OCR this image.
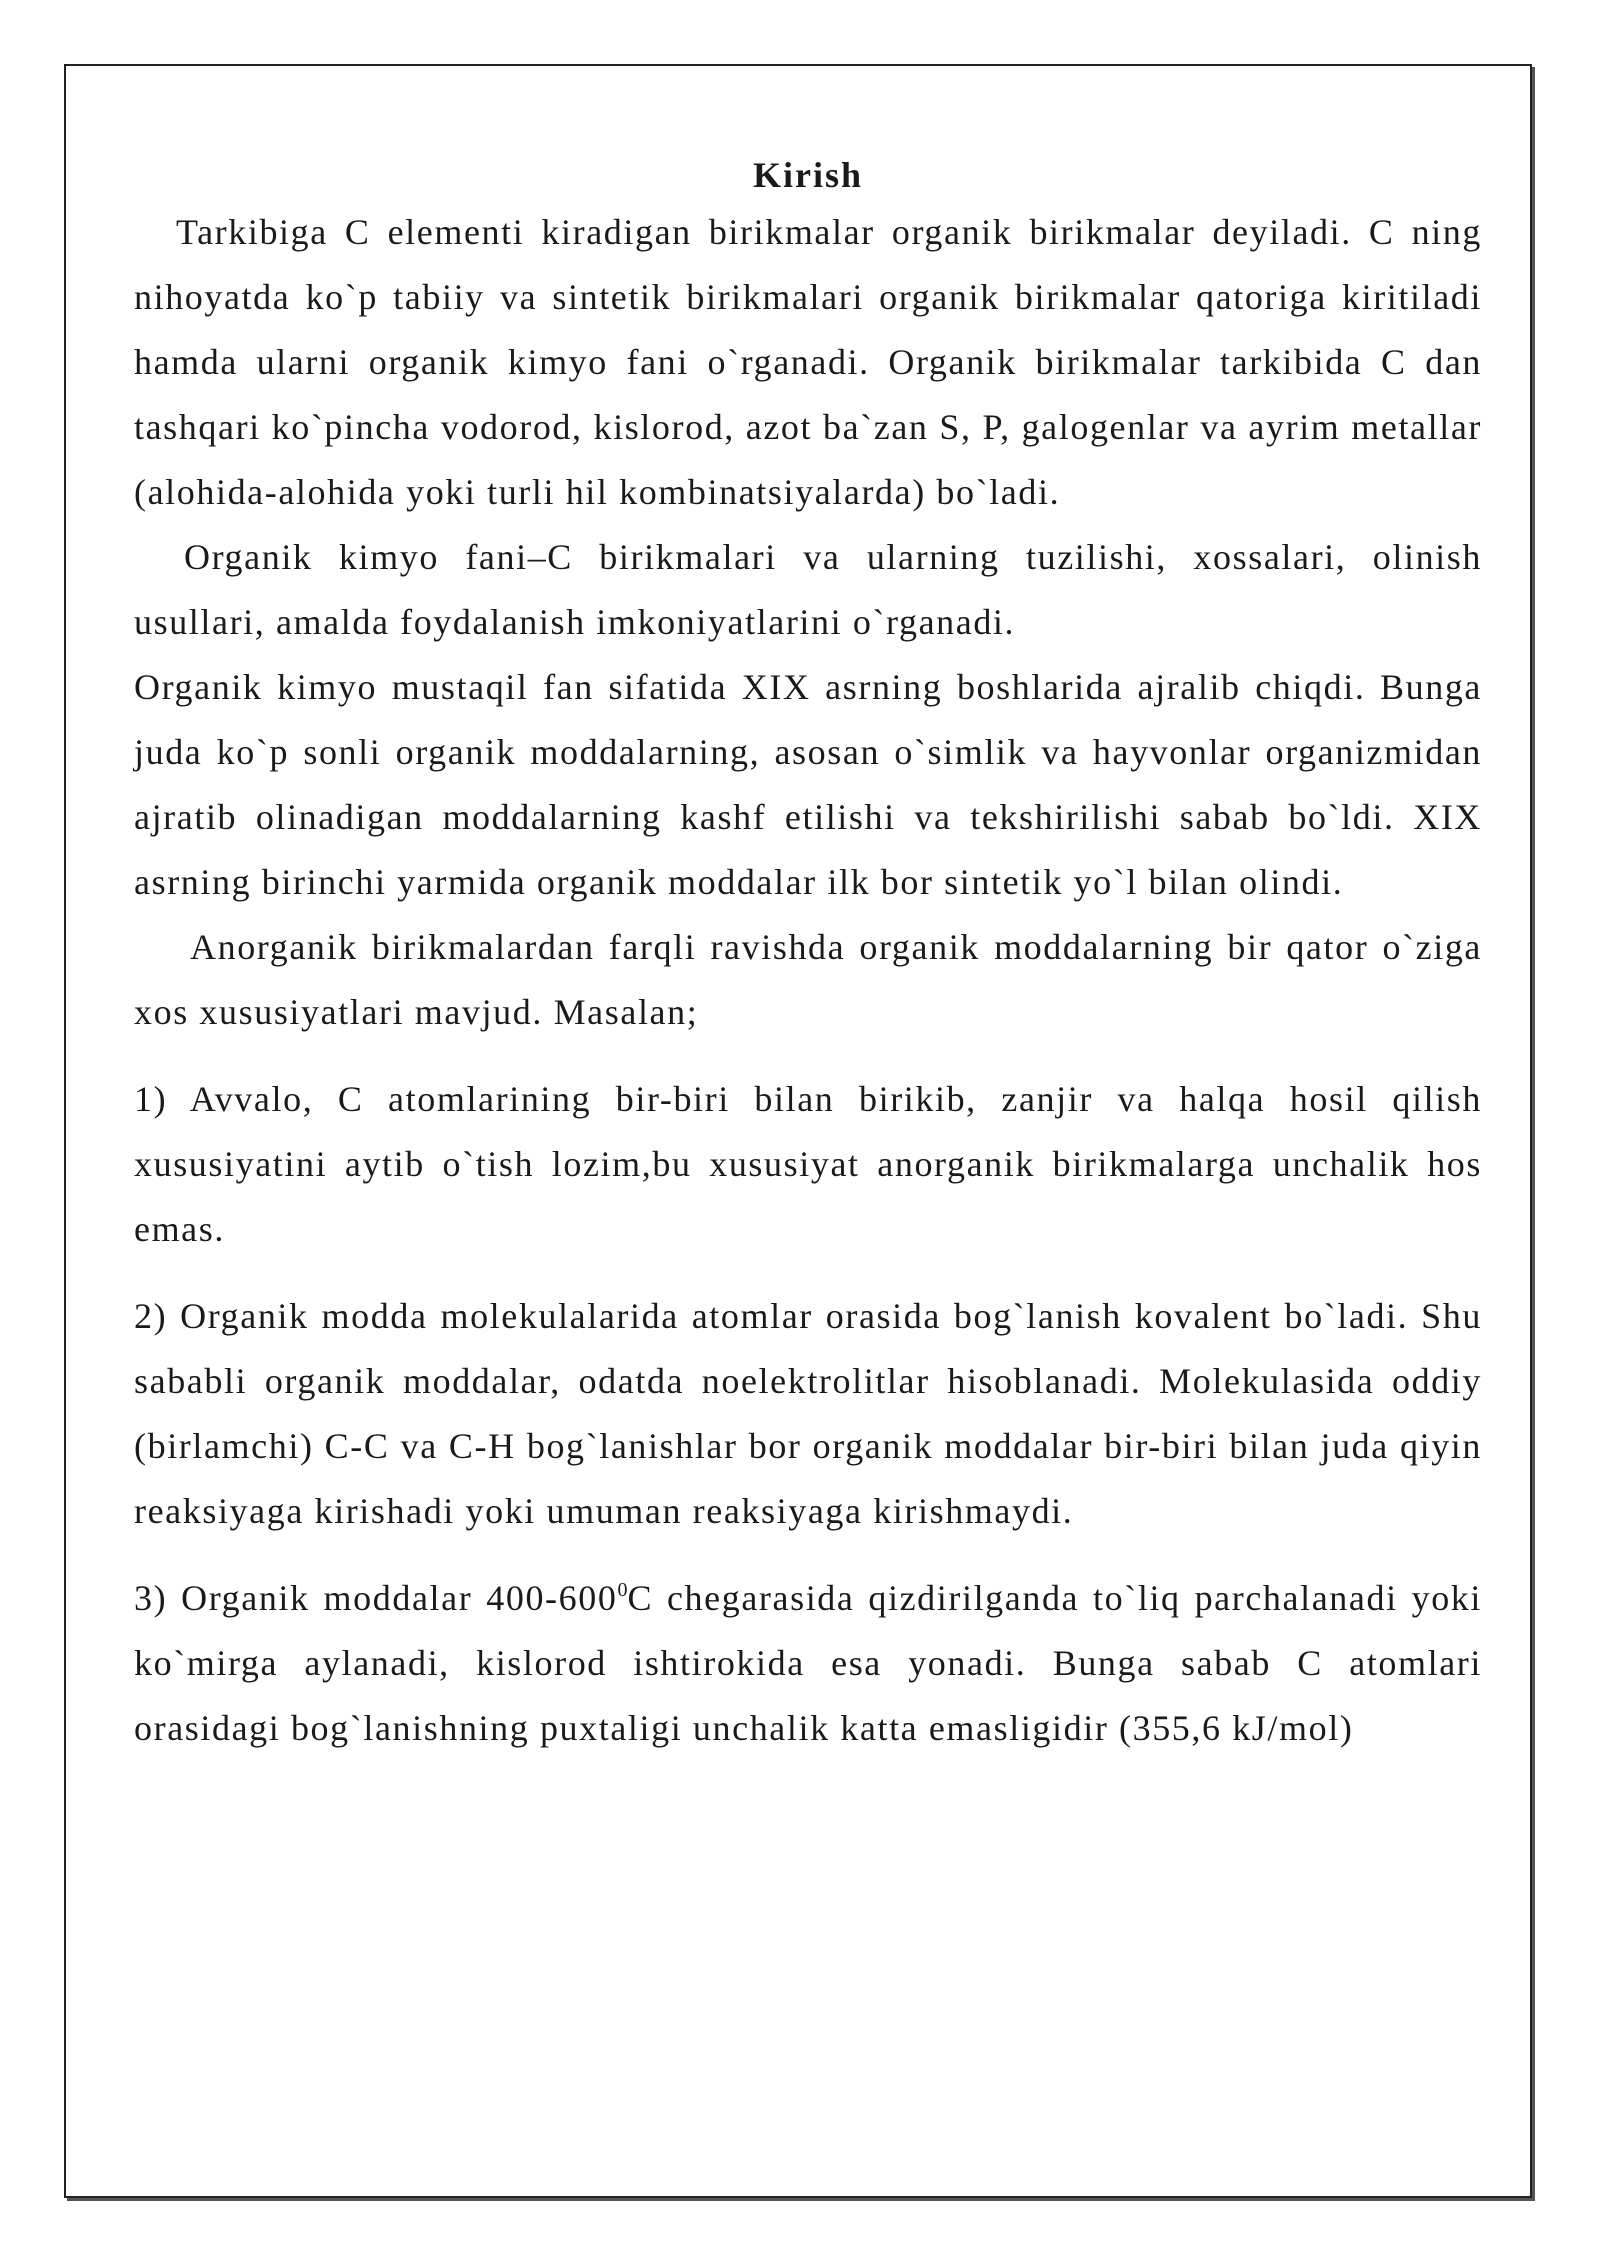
Kirish

Tarkibiga C elementi kiradigan birikmalar organik birikmalar deyiladi. C ning nihoyatda ko`p tabiiy va sintetik birikmalari organik birikmalar qatoriga kiritiladi hamda ularni organik kimyo fani o`rganadi. Organik birikmalar tarkibida C dan tashqari ko`pincha vodorod, kislorod, azot ba`zan S, P, galogenlar va ayrim metallar (alohida-alohida yoki turli hil kombinatsiyalarda) bo`ladi.

Organik kimyo fani–C birikmalari va ularning tuzilishi, xossalari, olinish usullari, amalda foydalanish imkoniyatlarini o`rganadi.

Organik kimyo mustaqil fan sifatida XIX asrning boshlarida ajralib chiqdi. Bunga juda ko`p sonli organik moddalarning, asosan o`simlik va hayvonlar organizmidan ajratib olinadigan moddalarning kashf etilishi va tekshirilishi sabab bo`ldi. XIX asrning birinchi yarmida organik moddalar ilk bor sintetik yo`l bilan olindi.

Anorganik birikmalardan farqli ravishda organik moddalarning bir qator o`ziga xos xususiyatlari mavjud. Masalan;

1) Avvalo, C atomlarining bir-biri bilan birikib, zanjir va halqa hosil qilish xususiyatini aytib o`tish lozim,bu xususiyat anorganik birikmalarga unchalik hos emas.

2) Organik modda molekulalarida atomlar orasida bog`lanish kovalent bo`ladi. Shu sababli organik moddalar, odatda noelektrolitlar hisoblanadi. Molekulasida oddiy (birlamchi) C-C va C-H bog`lanishlar bor organik moddalar bir-biri bilan juda qiyin reaksiyaga kirishadi yoki umuman reaksiyaga kirishmaydi.

3) Organik moddalar $400-600^0C$ chegarasida qizdirilganda to`liq parchalanadi yoki ko`mirga aylanadi, kislorod ishtirokida esa yonadi. Bunga sabab C atomlari orasidagi bog`lanishning puxtaligi unchalik katta emasligidir (355,6 kJ/mol)
